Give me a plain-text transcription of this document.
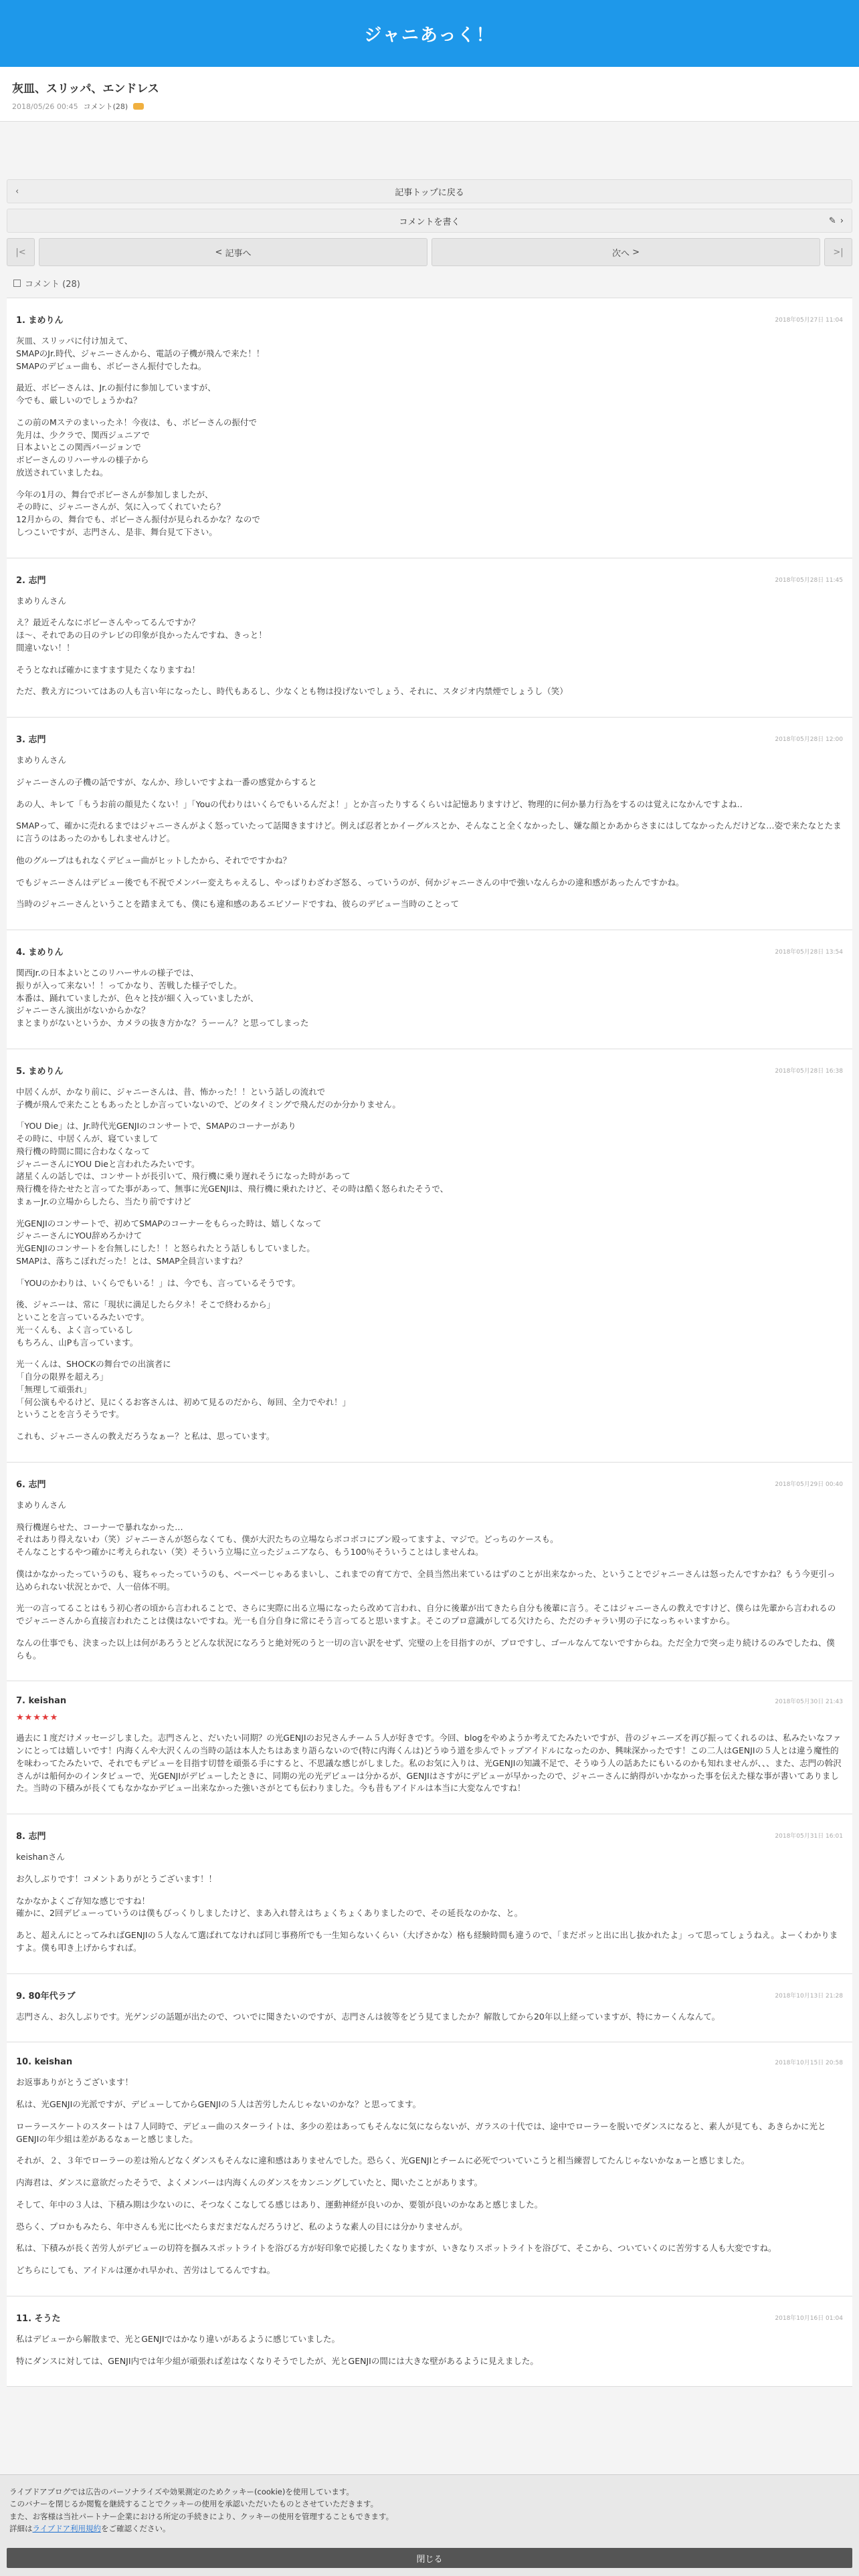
ジャニあっく！
灰皿、スリッパ、エンドレス
2018/05/26 00:45 コメント(28)
‹	記事トップに戻る
コメントを書く	✎ ›
|<	<
記事へ	次へ
>	>|
コメント (28)
1. まめりん	2018年05月27日 11:04

灰皿、スリッパに付け加えて、
SMAPのJr.時代、ジャニーさんから、電話の子機が飛んで来た！！
SMAPのデビュー曲も、ボビーさん振付でしたね。

最近、ボビーさんは、Jr.の振付に参加していますが、
今でも、厳しいのでしょうかね？

この前のMステのまいったネ！今夜は、も、ボビーさんの振付で
先月は、少クラで、関西ジュニアで
日本よいとこの関西バージョンで
ボビーさんのリハーサルの様子から
放送されていましたね。

今年の1月の、舞台でボビーさんが参加しましたが、
その時に、ジャニーさんが、気に入ってくれていたら？
12月からの、舞台でも、ボビーさん振付が見られるかな？なので
しつこいですが、志門さん、是非、舞台見て下さい。

2. 志門	2018年05月28日 11:45

まめりんさん

え？最近そんなにボビーさんやってるんですか？
ほ〜、それであの日のテレビの印象が良かったんですね、きっと！
間違いない！！

そうとなれば確かにますます見たくなりますね！

ただ、教え方についてはあの人も言い年になったし、時代もあるし、少なくとも物は投げないでしょう、それに、スタジオ内禁煙でしょうし（笑）

3. 志門	2018年05月28日 12:00

まめりんさん

ジャニーさんの子機の話ですが、なんか、珍しいですよね一番の感覚からすると

あの人、キレて「もうお前の顔見たくない！」「Youの代わりはいくらでもいるんだよ！」とか言ったりするくらいは記憶ありますけど、物理的に何か暴力行為をするのは覚えになかんですよね‥

SMAPって、確かに売れるまではジャニーさんがよく怒っていたって話聞きますけど。例えば忍者とかイーグルスとか、そんなこと全くなかったし、嫌な顔とかあからさまにはしてなかったんだけどな…姿で来たなとたまに言うのはあったのかもしれませんけど。

他のグループはもれなくデビュー曲がヒットしたから、それでですかね？

でもジャニーさんはデビュー後でも不祝でメンバー変えちゃえるし、やっぱりわざわざ怒る、っていうのが、何かジャニーさんの中で強いなんらかの違和感があったんですかね。

当時のジャニーさんということを踏まえても、僕にも違和感のあるエピソードですね、彼らのデビュー当時のことって

4. まめりん	2018年05月28日 13:54

関西Jr.の日本よいとこのリハーサルの様子では、
振りが入って来ない！！ってかなり、苦戦した様子でした。
本番は、踊れていましたが、色々と技が細く入っていましたが、
ジャニーさん演出がないからかな？
まとまりがないというか、カメラの抜き方かな？うーーん？と思ってしまった

5. まめりん	2018年05月28日 16:38

中居くんが、かなり前に、ジャニーさんは、昔、怖かった！！という話しの流れで
子機が飛んで来たこともあったとしか言っていないので、どのタイミングで飛んだのか分かりません。

「YOU Die」は、Jr.時代光GENJIのコンサートで、SMAPのコーナーがあり
その時に、中居くんが、寝ていまして
飛行機の時間に間に合わなくなって
ジャニーさんにYOU Dieと言われたみたいです。
諸星くんの話しでは、コンサートが長引いて、飛行機に乗り遅れそうになった時があって
飛行機を待たせたと言ってた事があって、無事に光GENJIは、飛行機に乗れたけど、その時は酷く怒られたそうで、
まぁーJr.の立場からしたら、当たり前ですけど

光GENJIのコンサートで、初めてSMAPのコーナーをもらった時は、嬉しくなって
ジャニーさんにYOU辞めろかけて
光GENJIのコンサートを台無しにした！！と怒られたとう話しもしていました。
SMAPは、落ちこぼれだった！とは、SMAP全員言いますね？

「YOUのかわりは、いくらでもいる！」は、今でも、言っているそうです。

後、ジャニーは、常に「現状に満足したら夕ネ！そこで終わるから」
といことを言っているみたいです。
光一くんも、よく言っているし
もちろん、山Pも言っています。

光一くんは、SHOCKの舞台での出演者に
「自分の限界を超えろ」
「無理して頑張れ」
「何公演もやるけど、見にくるお客さんは、初めて見るのだから、毎回、全力でやれ！」
ということを言うそうです。

これも、ジャニーさんの教えだろうなぁー？と私は、思っています。

6. 志門	2018年05月29日 00:40

まめりんさん

飛行機遅らせた、コーナーで暴れなかった…
それはあり得えないわ（笑）ジャニーさんが怒らなくても、僕が大沢たちの立場ならボコボコにブン殴ってますよ、マジで。どっちのケースも。
そんなことするやつ確かに考えられない（笑）そういう立場に立ったジュニアなら、もう100％そういうことはしませんね。

僕はかなかったっていうのも、寝ちゃったっていうのも、ペーペーじゃあるまいし、これまでの育て方で、全員当然出来ているはずのことが出来なかった、ということでジャニーさんは怒ったんですかね？もう今更引っ込められない状況とかで、人一倍体不明。

光一の言ってることはもう初心者の頃から言われることで、さらに実際に出る立場になったら改めて言われ、自分に後輩が出てきたら自分も後輩に言う。そこはジャニーさんの教えですけど、僕らは先輩から言われるのでジャニーさんから直接言われたことは僕はないですね。光一も自分自身に常にそう言ってると思いますよ。そこのプロ意識がしてる欠けたら、ただのチャラい男の子になっちゃいますから。

なんの仕事でも、決まった以上は何があろうとどんな状況になろうと絶対死のうと一切の言い訳をせず、完璧の上を目指すのが、プロですし、ゴールなんてないですからね。ただ全力で突っ走り続けるのみでしたね、僕らも。

7. keishan	2018年05月30日 21:43
★★★★★

過去に１度だけメッセージしました。志門さんと、だいたい同期？の光GENJIのお兄さんチーム５人が好きです。今回、blogをやめようか考えてたみたいですが、昔のジャニーズを再び振ってくれるのは、私みたいなファンにとっては嬉しいです！内海くんや大沢くんの当時の話は本人たちはあまり語らないので(特に内海くんは)どうゆう道を歩んでトップアイドルになったのか、興味深かったです！この二人はGENJIの５人とは違う魔性的を味わってたみたいで、それでもデビューを目指す切替を頑張る手にすると、不思議な感じがしました。私のお気に入りは、光GENJIの知識不足で、そうゆう人の話あたにもいるのかも知れませんが、、、また、志門の斡沢さんがは船何かのインタビューで、光GENJIがデビューしたときに、同期の光の光デビューは分かるが、GENJIはさすがにデビューが早かったので、ジャニーさんに納得がいかなかった事を伝えた様な事が書いてありました。当時の下積みが長くてもなかなかデビュー出来なかった強いさがとても伝わりました。今も昔もアイドルは本当に大変なんですね！

8. 志門	2018年05月31日 16:01

keishanさん

お久しぶりです！コメントありがとうございます！！

なかなかよくご存知な感じですね！
確かに、2回デビューっていうのは僕もびっくりしましたけど、まあ入れ替えはちょくちょくありましたので、その延長なのかな、と。

あと、超えんにとってみればGENJIの５人なんて選ばれてなければ同じ事務所でも一生知らないくらい（大げさかな）格も経験時間も違うので、「まだポッと出に出し抜かれたよ」って思ってしょうねえ。よーくわかりますよ。僕も叩き上げからすれば。

9. 80年代ラブ	2018年10月13日 21:28

志門さん、お久しぶりです。光ゲンジの話題が出たので、ついでに聞きたいのですが、志門さんは彼等をどう見てましたか？解散してから20年以上経っていますが、特にカーくんなんて。

10. keishan	2018年10月15日 20:58

お返事ありがとうございます！

私は、光GENJIの光派ですが、デビューしてからGENJIの５人は苦労したんじゃないのかな？と思ってます。

ローラースケートのスタートは７人同時で、デビュー曲のスターライトは、多少の差はあってもそんなに気にならないが、ガラスの十代では、途中でローラーを脱いでダンスになると、素人が見ても、あきらかに光とGENJIの年少組は差があるなぁーと感じました。

それが、２、３年でローラーの差は殆んどなくダンスもそんなに違和感はありませんでした。恐らく、光GENJIとチームに必死でついていこうと相当練習してたんじゃないかなぁーと感じました。

内海君は、ダンスに意欲だったそうで、よくメンバーは内海くんのダンスをカンニングしていたと、聞いたことがあります。

そして、年中の３人は、下積み期は少ないのに、そつなくこなしてる感じはあり、運動神経が良いのか、要領が良いのかなあと感じました。

恐らく、プロかもみたら、年中さんも光に比べたらまだまだなんだろうけど、私のような素人の目には分かりませんが。

私は、下積みが長く苦労人がデビューの切符を掴みスポットライトを浴びる方が好印象で応援したくなりますが、いきなりスポットライトを浴びて、そこから、ついていくのに苦労する人も大変ですね。

どちらにしても、アイドルは運かれ早かれ、苦労はしてるんですね。

11. そうた	2018年10月16日 01:04

私はデビューから解散まで、光とGENJIではかなり違いがあるように感じていました。

特にダンスに対しては、GENJI内では年少組が頑張れば差はなくなりそうでしたが、光とGENJIの間には大きな壁があるように見えました。

ライブドアブログでは広告のパーソナライズや効果測定のためクッキー(cookie)を使用しています。
このバナーを閉じるか閲覧を継続することでクッキーの使用を承認いただいたものとさせていただきます。
また、お客様は当社パートナー企業における所定の手続きにより、クッキーの使用を管理することもできます。

詳細はライブドア利用規約をご確認ください。

閉じる
